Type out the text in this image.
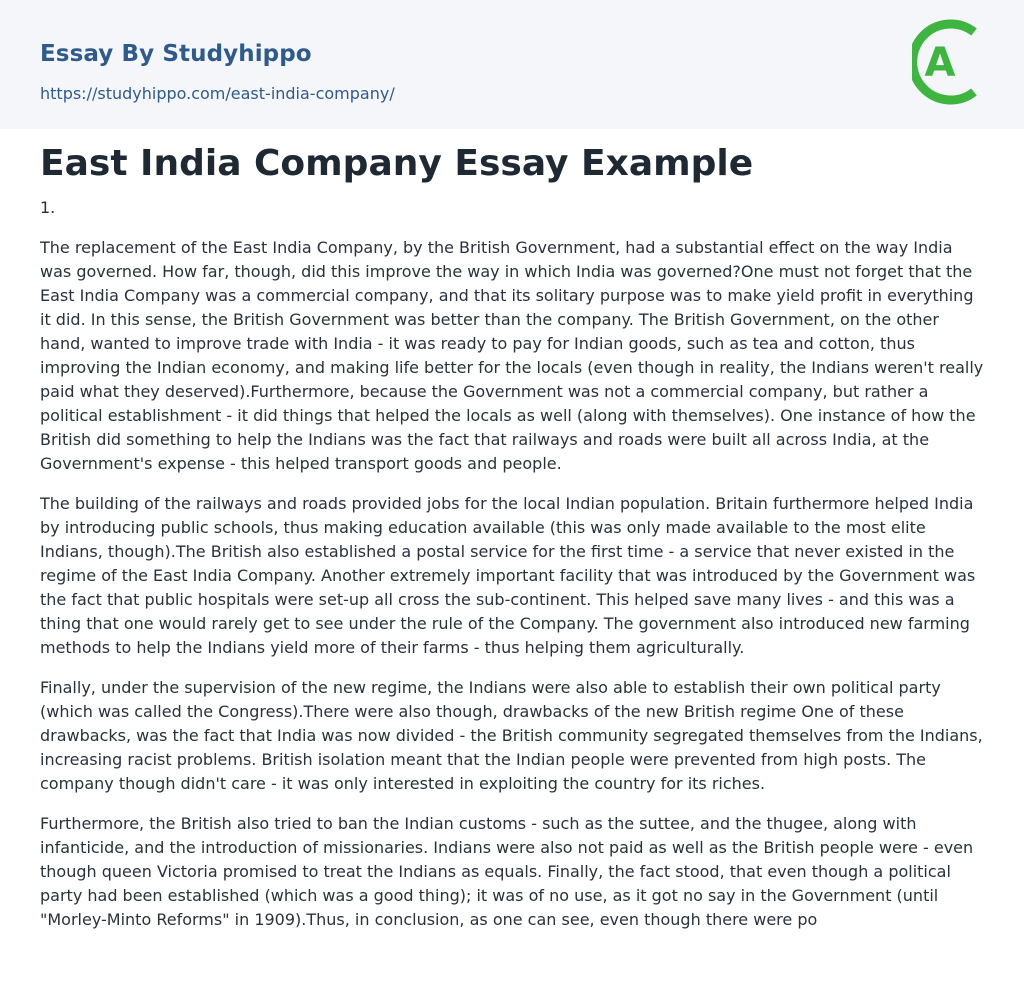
Essay By Studyhippo
https://studyhippo.com/east-india-company/
A
East India Company Essay Example

1.

The replacement of the East India Company, by the British Government, had a substantial effect on the way India was governed. How far, though, did this improve the way in which India was governed?One must not forget that the East India Company was a commercial company, and that its solitary purpose was to make yield profit in everything it did. In this sense, the British Government was better than the company. The British Government, on the other hand, wanted to improve trade with India - it was ready to pay for Indian goods, such as tea and cotton, thus improving the Indian economy, and making life better for the locals (even though in reality, the Indians weren't really paid what they deserved).Furthermore, because the Government was not a commercial company, but rather a political establishment - it did things that helped the locals as well (along with themselves). One instance of how the British did something to help the Indians was the fact that railways and roads were built all across India, at the Government's expense - this helped transport goods and people.

The building of the railways and roads provided jobs for the local Indian population. Britain furthermore helped India by introducing public schools, thus making education available (this was only made available to the most elite Indians, though).The British also established a postal service for the first time - a service that never existed in the regime of the East India Company. Another extremely important facility that was introduced by the Government was the fact that public hospitals were set-up all cross the sub-continent. This helped save many lives - and this was a thing that one would rarely get to see under the rule of the Company. The government also introduced new farming methods to help the Indians yield more of their farms - thus helping them agriculturally.

Finally, under the supervision of the new regime, the Indians were also able to establish their own political party (which was called the Congress).There were also though, drawbacks of the new British regime One of these drawbacks, was the fact that India was now divided - the British community segregated themselves from the Indians, increasing racist problems. British isolation meant that the Indian people were prevented from high posts. The company though didn't care - it was only interested in exploiting the country for its riches.

Furthermore, the British also tried to ban the Indian customs - such as the suttee, and the thugee, along with infanticide, and the introduction of missionaries. Indians were also not paid as well as the British people were - even though queen Victoria promised to treat the Indians as equals. Finally, the fact stood, that even though a political party had been established (which was a good thing); it was of no use, as it got no say in the Government (until "Morley-Minto Reforms" in 1909).Thus, in conclusion, as one can see, even though there were po
